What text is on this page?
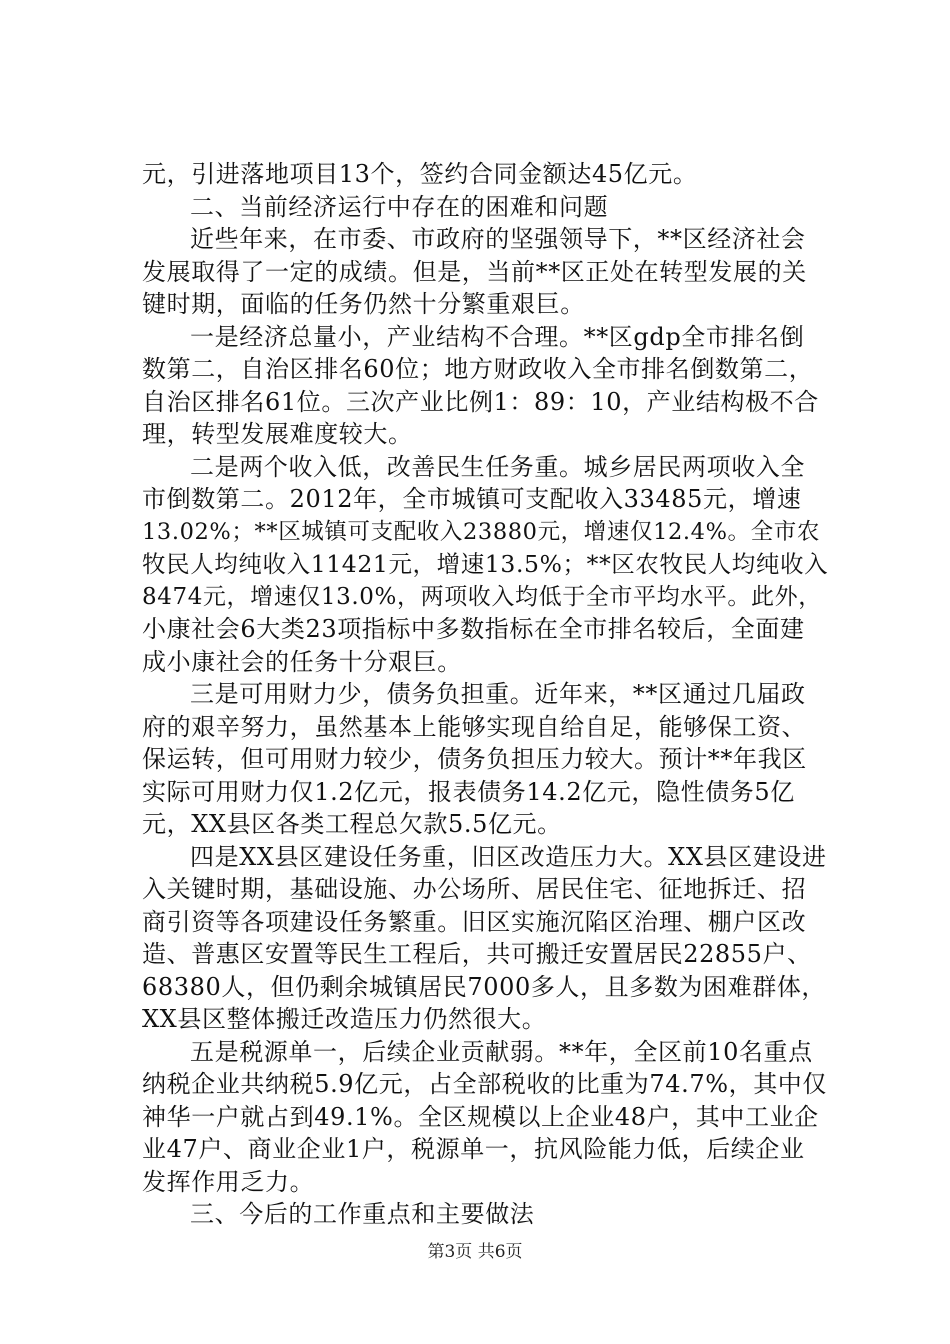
元，引进落地项目13个，签约合同金额达45亿元。
二、当前经济运行中存在的困难和问题
近些年来，在市委、市政府的坚强领导下，**区经济社会
发展取得了一定的成绩。但是，当前**区正处在转型发展的关
键时期，面临的任务仍然十分繁重艰巨。
一是经济总量小，产业结构不合理。**区gdp全市排名倒
数第二，自治区排名60位；地方财政收入全市排名倒数第二，
自治区排名61位。三次产业比例1：89：10，产业结构极不合
理，转型发展难度较大。
二是两个收入低，改善民生任务重。城乡居民两项收入全
市倒数第二。2012年，全市城镇可支配收入33485元，增速
13.02%；**区城镇可支配收入23880元，增速仅12.4%。全市农
牧民人均纯收入11421元，增速13.5%；**区农牧民人均纯收入
8474元，增速仅13.0%，两项收入均低于全市平均水平。此外，
小康社会6大类23项指标中多数指标在全市排名较后，全面建
成小康社会的任务十分艰巨。
三是可用财力少，债务负担重。近年来，**区通过几届政
府的艰辛努力，虽然基本上能够实现自给自足，能够保工资、
保运转，但可用财力较少，债务负担压力较大。预计**年我区
实际可用财力仅1.2亿元，报表债务14.2亿元，隐性债务5亿
元，XX县区各类工程总欠款5.5亿元。
四是XX县区建设任务重，旧区改造压力大。XX县区建设进
入关键时期，基础设施、办公场所、居民住宅、征地拆迁、招
商引资等各项建设任务繁重。旧区实施沉陷区治理、棚户区改
造、普惠区安置等民生工程后，共可搬迁安置居民22855户、
68380人，但仍剩余城镇居民7000多人，且多数为困难群体，
XX县区整体搬迁改造压力仍然很大。
五是税源单一，后续企业贡献弱。**年，全区前10名重点
纳税企业共纳税5.9亿元，占全部税收的比重为74.7%，其中仅
神华一户就占到49.1%。全区规模以上企业48户，其中工业企
业47户、商业企业1户，税源单一，抗风险能力低，后续企业
发挥作用乏力。
三、今后的工作重点和主要做法
第3页 共6页
